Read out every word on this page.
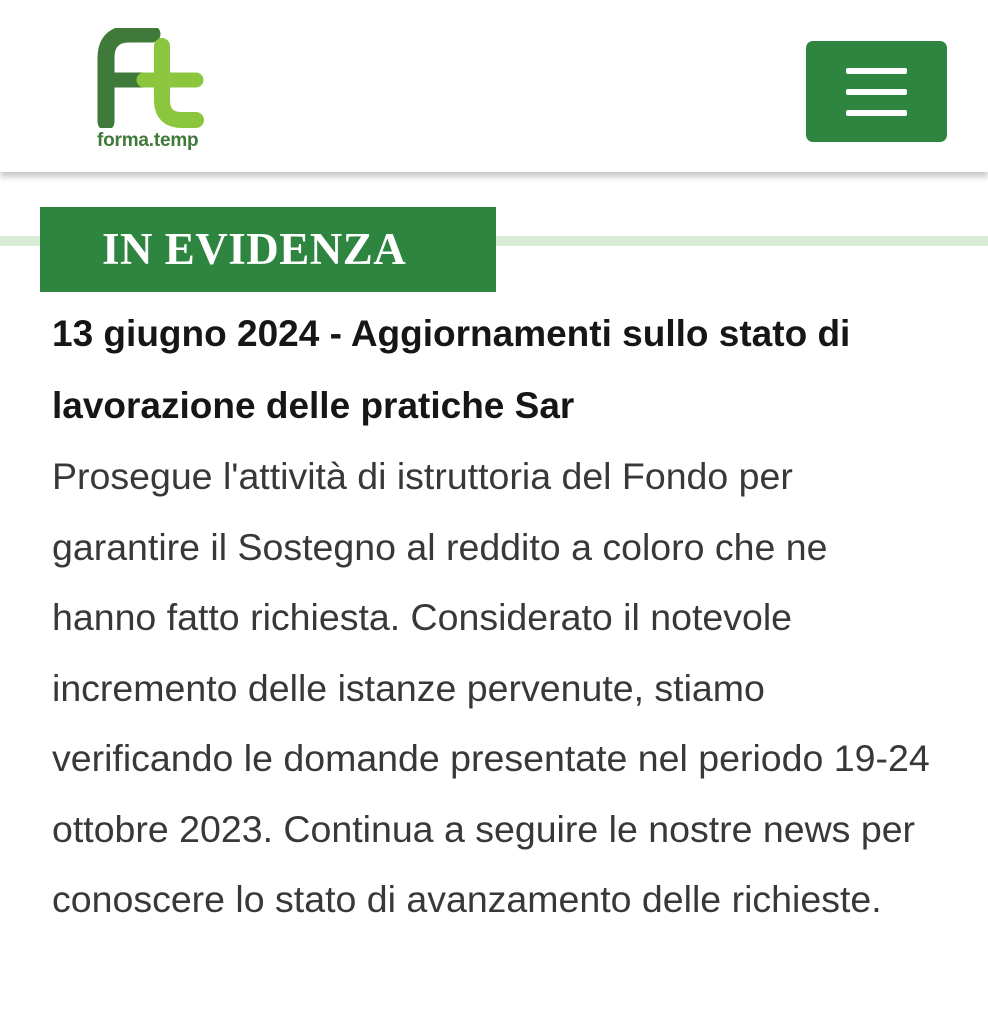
forma.temp
IN EVIDENZA
13 giugno 2024 - Aggiornamenti sullo stato di lavorazione delle pratiche Sar

Prosegue l'attività di istruttoria del Fondo per garantire il Sostegno al reddito a coloro che ne hanno fatto richiesta. Considerato il notevole incremento delle istanze pervenute, stiamo verificando le domande presentate nel periodo 19-24 ottobre 2023. Continua a seguire le nostre news per conoscere lo stato di avanzamento delle richieste.
